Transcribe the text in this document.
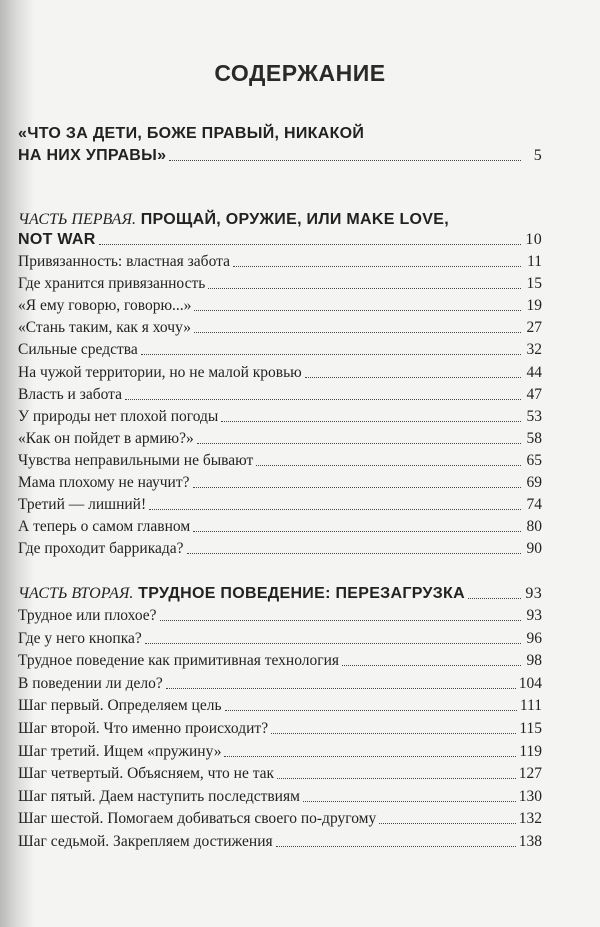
СОДЕРЖАНИЕ
«ЧТО ЗА ДЕТИ, БОЖЕ ПРАВЫЙ, НИКАКОЙ
НА НИХ УПРАВЫ»	5
ЧАСТЬ ПЕРВАЯ. ПРОЩАЙ, ОРУЖИЕ, ИЛИ MAKE LOVE,
NOT WAR	10
Привязанность: властная забота	11
Где хранится привязанность	15
«Я ему говорю, говорю...»	19
«Стань таким, как я хочу»	27
Сильные средства	32
На чужой территории, но не малой кровью	44
Власть и забота	47
У природы нет плохой погоды	53
«Как он пойдет в армию?»	58
Чувства неправильными не бывают	65
Мама плохому не научит?	69
Третий — лишний!	74
А теперь о самом главном	80
Где проходит баррикада?	90
ЧАСТЬ ВТОРАЯ. ТРУДНОЕ ПОВЕДЕНИЕ: ПЕРЕЗАГРУЗКА	93
Трудное или плохое?	93
Где у него кнопка?	96
Трудное поведение как примитивная технология	98
В поведении ли дело?	104
Шаг первый. Определяем цель	111
Шаг второй. Что именно происходит?	115
Шаг третий. Ищем «пружину»	119
Шаг четвертый. Объясняем, что не так	127
Шаг пятый. Даем наступить последствиям	130
Шаг шестой. Помогаем добиваться своего по-другому	132
Шаг седьмой. Закрепляем достижения	138
